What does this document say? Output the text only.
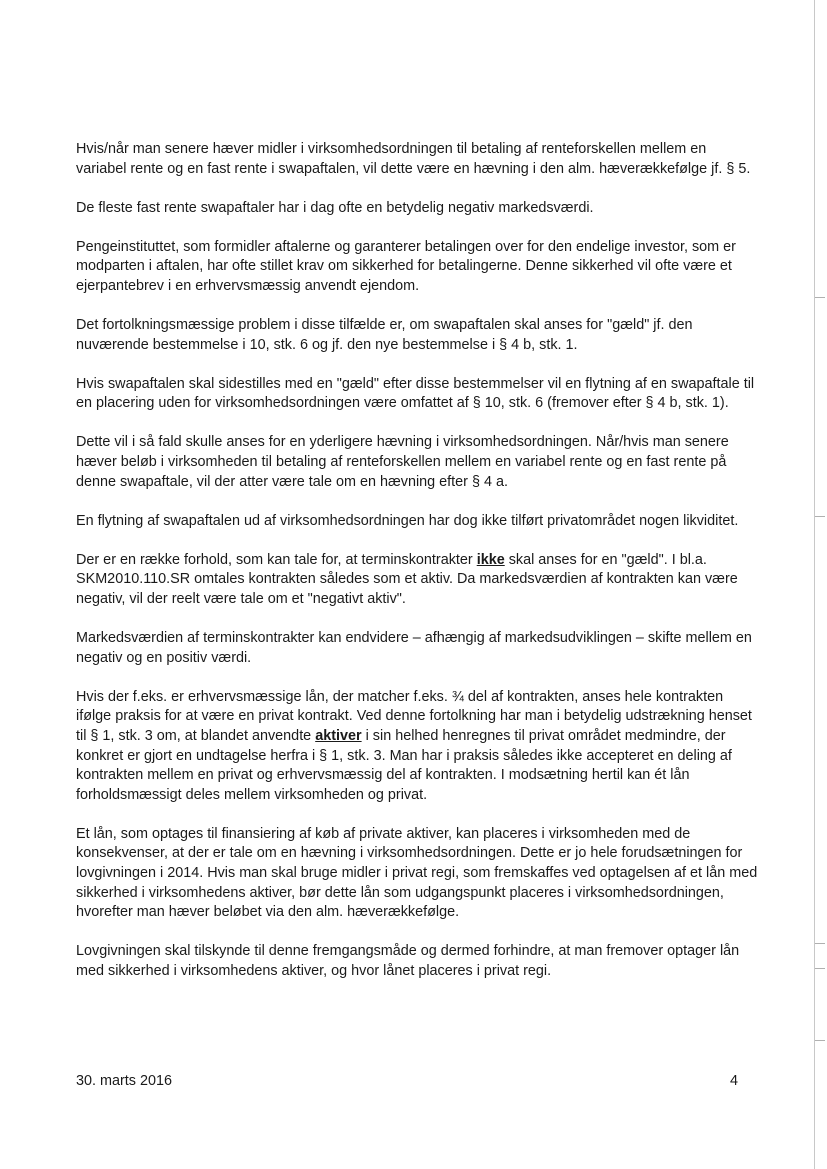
Hvis/når man senere hæver midler i virksomhedsordningen til betaling af renteforskellen mellem en variabel rente og en fast rente i swapaftalen, vil dette være en hævning i den alm. hæverækkefølge jf. § 5.

De fleste fast rente swapaftaler har i dag ofte en betydelig negativ markedsværdi.

Pengeinstituttet, som formidler aftalerne og garanterer betalingen over for den endelige investor, som er modparten i aftalen, har ofte stillet krav om sikkerhed for betalingerne. Denne sikkerhed vil ofte være et ejerpantebrev i en erhvervsmæssig anvendt ejendom.

Det fortolkningsmæssige problem i disse tilfælde er, om swapaftalen skal anses for "gæld" jf. den nuværende bestemmelse i 10, stk. 6 og jf. den nye bestemmelse i § 4 b, stk. 1.

Hvis swapaftalen skal sidestilles med en "gæld" efter disse bestemmelser vil en flytning af en swapaftale til en placering uden for virksomhedsordningen være omfattet af § 10, stk. 6 (fremover efter § 4 b, stk. 1).

Dette vil i så fald skulle anses for en yderligere hævning i virksomhedsordningen. Når/hvis man senere hæver beløb i virksomheden til betaling af renteforskellen mellem en variabel rente og en fast rente på denne swapaftale, vil der atter være tale om en hævning efter § 4 a.

En flytning af swapaftalen ud af virksomhedsordningen har dog ikke tilført privatområdet nogen likviditet.

Der er en række forhold, som kan tale for, at terminskontrakter ikke skal anses for en "gæld". I bl.a. SKM2010.110.SR omtales kontrakten således som et aktiv. Da markedsværdien af kontrakten kan være negativ, vil der reelt være tale om et "negativt aktiv".

Markedsværdien af terminskontrakter kan endvidere – afhængig af markedsudviklingen – skifte mellem en negativ og en positiv værdi.

Hvis der f.eks. er erhvervsmæssige lån, der matcher f.eks. ¾ del af kontrakten, anses hele kontrakten ifølge praksis for at være en privat kontrakt. Ved denne fortolkning har man i betydelig udstrækning henset til § 1, stk. 3 om, at blandet anvendte aktiver i sin helhed henregnes til privat området medmindre, der konkret er gjort en undtagelse herfra i § 1, stk. 3. Man har i praksis således ikke accepteret en deling af kontrakten mellem en privat og erhvervsmæssig del af kontrakten. I modsætning hertil kan ét lån forholdsmæssigt deles mellem virksomheden og privat.

Et lån, som optages til finansiering af køb af private aktiver, kan placeres i virksomheden med de konsekvenser, at der er tale om en hævning i virksomhedsordningen. Dette er jo hele forudsætningen for lovgivningen i 2014. Hvis man skal bruge midler i privat regi, som fremskaffes ved optagelsen af et lån med sikkerhed i virksomhedens aktiver, bør dette lån som udgangspunkt placeres i virksomhedsordningen, hvorefter man hæver beløbet via den alm. hæverækkefølge.

Lovgivningen skal tilskynde til denne fremgangsmåde og dermed forhindre, at man fremover optager lån med sikkerhed i virksomhedens aktiver, og hvor lånet placeres i privat regi.

30. marts 2016	4
